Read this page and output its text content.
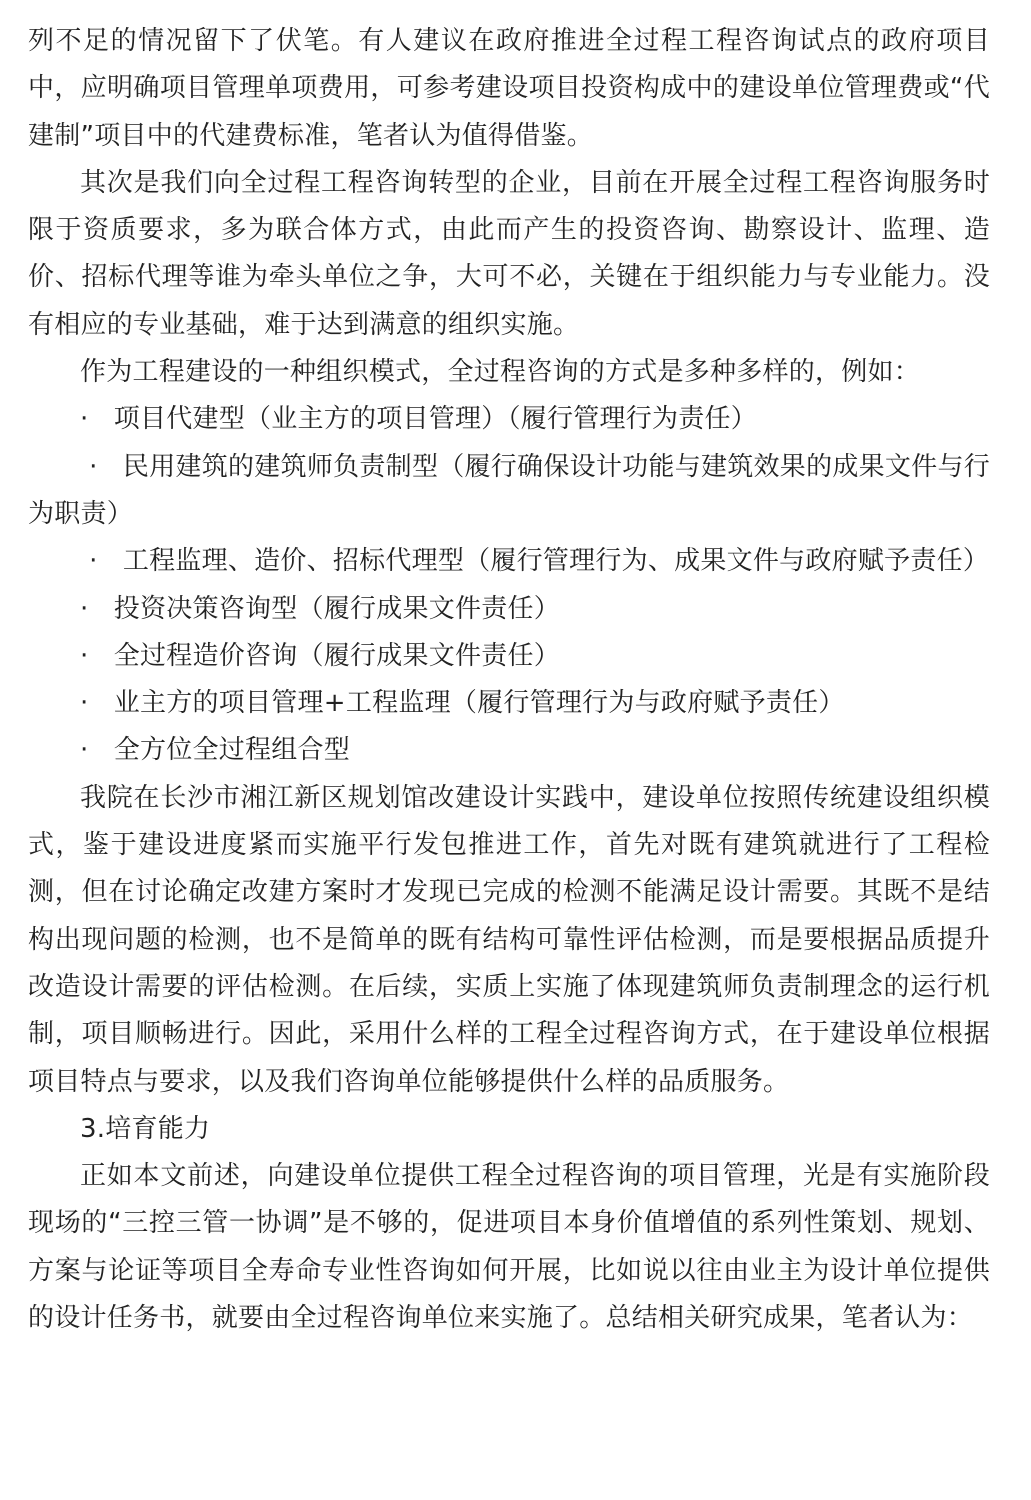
列不足的情况留下了伏笔。有人建议在政府推进全过程工程咨询试点的政府项目中，应明确项目管理单项费用，可参考建设项目投资构成中的建设单位管理费或“代建制”项目中的代建费标准，笔者认为值得借鉴。

其次是我们向全过程工程咨询转型的企业，目前在开展全过程工程咨询服务时限于资质要求，多为联合体方式，由此而产生的投资咨询、勘察设计、监理、造价、招标代理等谁为牵头单位之争，大可不必，关键在于组织能力与专业能力。没有相应的专业基础，难于达到满意的组织实施。

作为工程建设的一种组织模式，全过程咨询的方式是多种多样的，例如：

· 项目代建型（业主方的项目管理）（履行管理行为责任）

· 民用建筑的建筑师负责制型（履行确保设计功能与建筑效果的成果文件与行为职责）

· 工程监理、造价、招标代理型（履行管理行为、成果文件与政府赋予责任）

· 投资决策咨询型（履行成果文件责任）

· 全过程造价咨询（履行成果文件责任）

· 业主方的项目管理+工程监理（履行管理行为与政府赋予责任）

· 全方位全过程组合型

我院在长沙市湘江新区规划馆改建设计实践中，建设单位按照传统建设组织模式，鉴于建设进度紧而实施平行发包推进工作，首先对既有建筑就进行了工程检测，但在讨论确定改建方案时才发现已完成的检测不能满足设计需要。其既不是结构出现问题的检测，也不是简单的既有结构可靠性评估检测，而是要根据品质提升改造设计需要的评估检测。在后续，实质上实施了体现建筑师负责制理念的运行机制，项目顺畅进行。因此，采用什么样的工程全过程咨询方式，在于建设单位根据项目特点与要求，以及我们咨询单位能够提供什么样的品质服务。

3.培育能力

正如本文前述，向建设单位提供工程全过程咨询的项目管理，光是有实施阶段现场的“三控三管一协调”是不够的，促进项目本身价值增值的系列性策划、规划、方案与论证等项目全寿命专业性咨询如何开展，比如说以往由业主为设计单位提供的设计任务书，就要由全过程咨询单位来实施了。总结相关研究成果，笔者认为：
